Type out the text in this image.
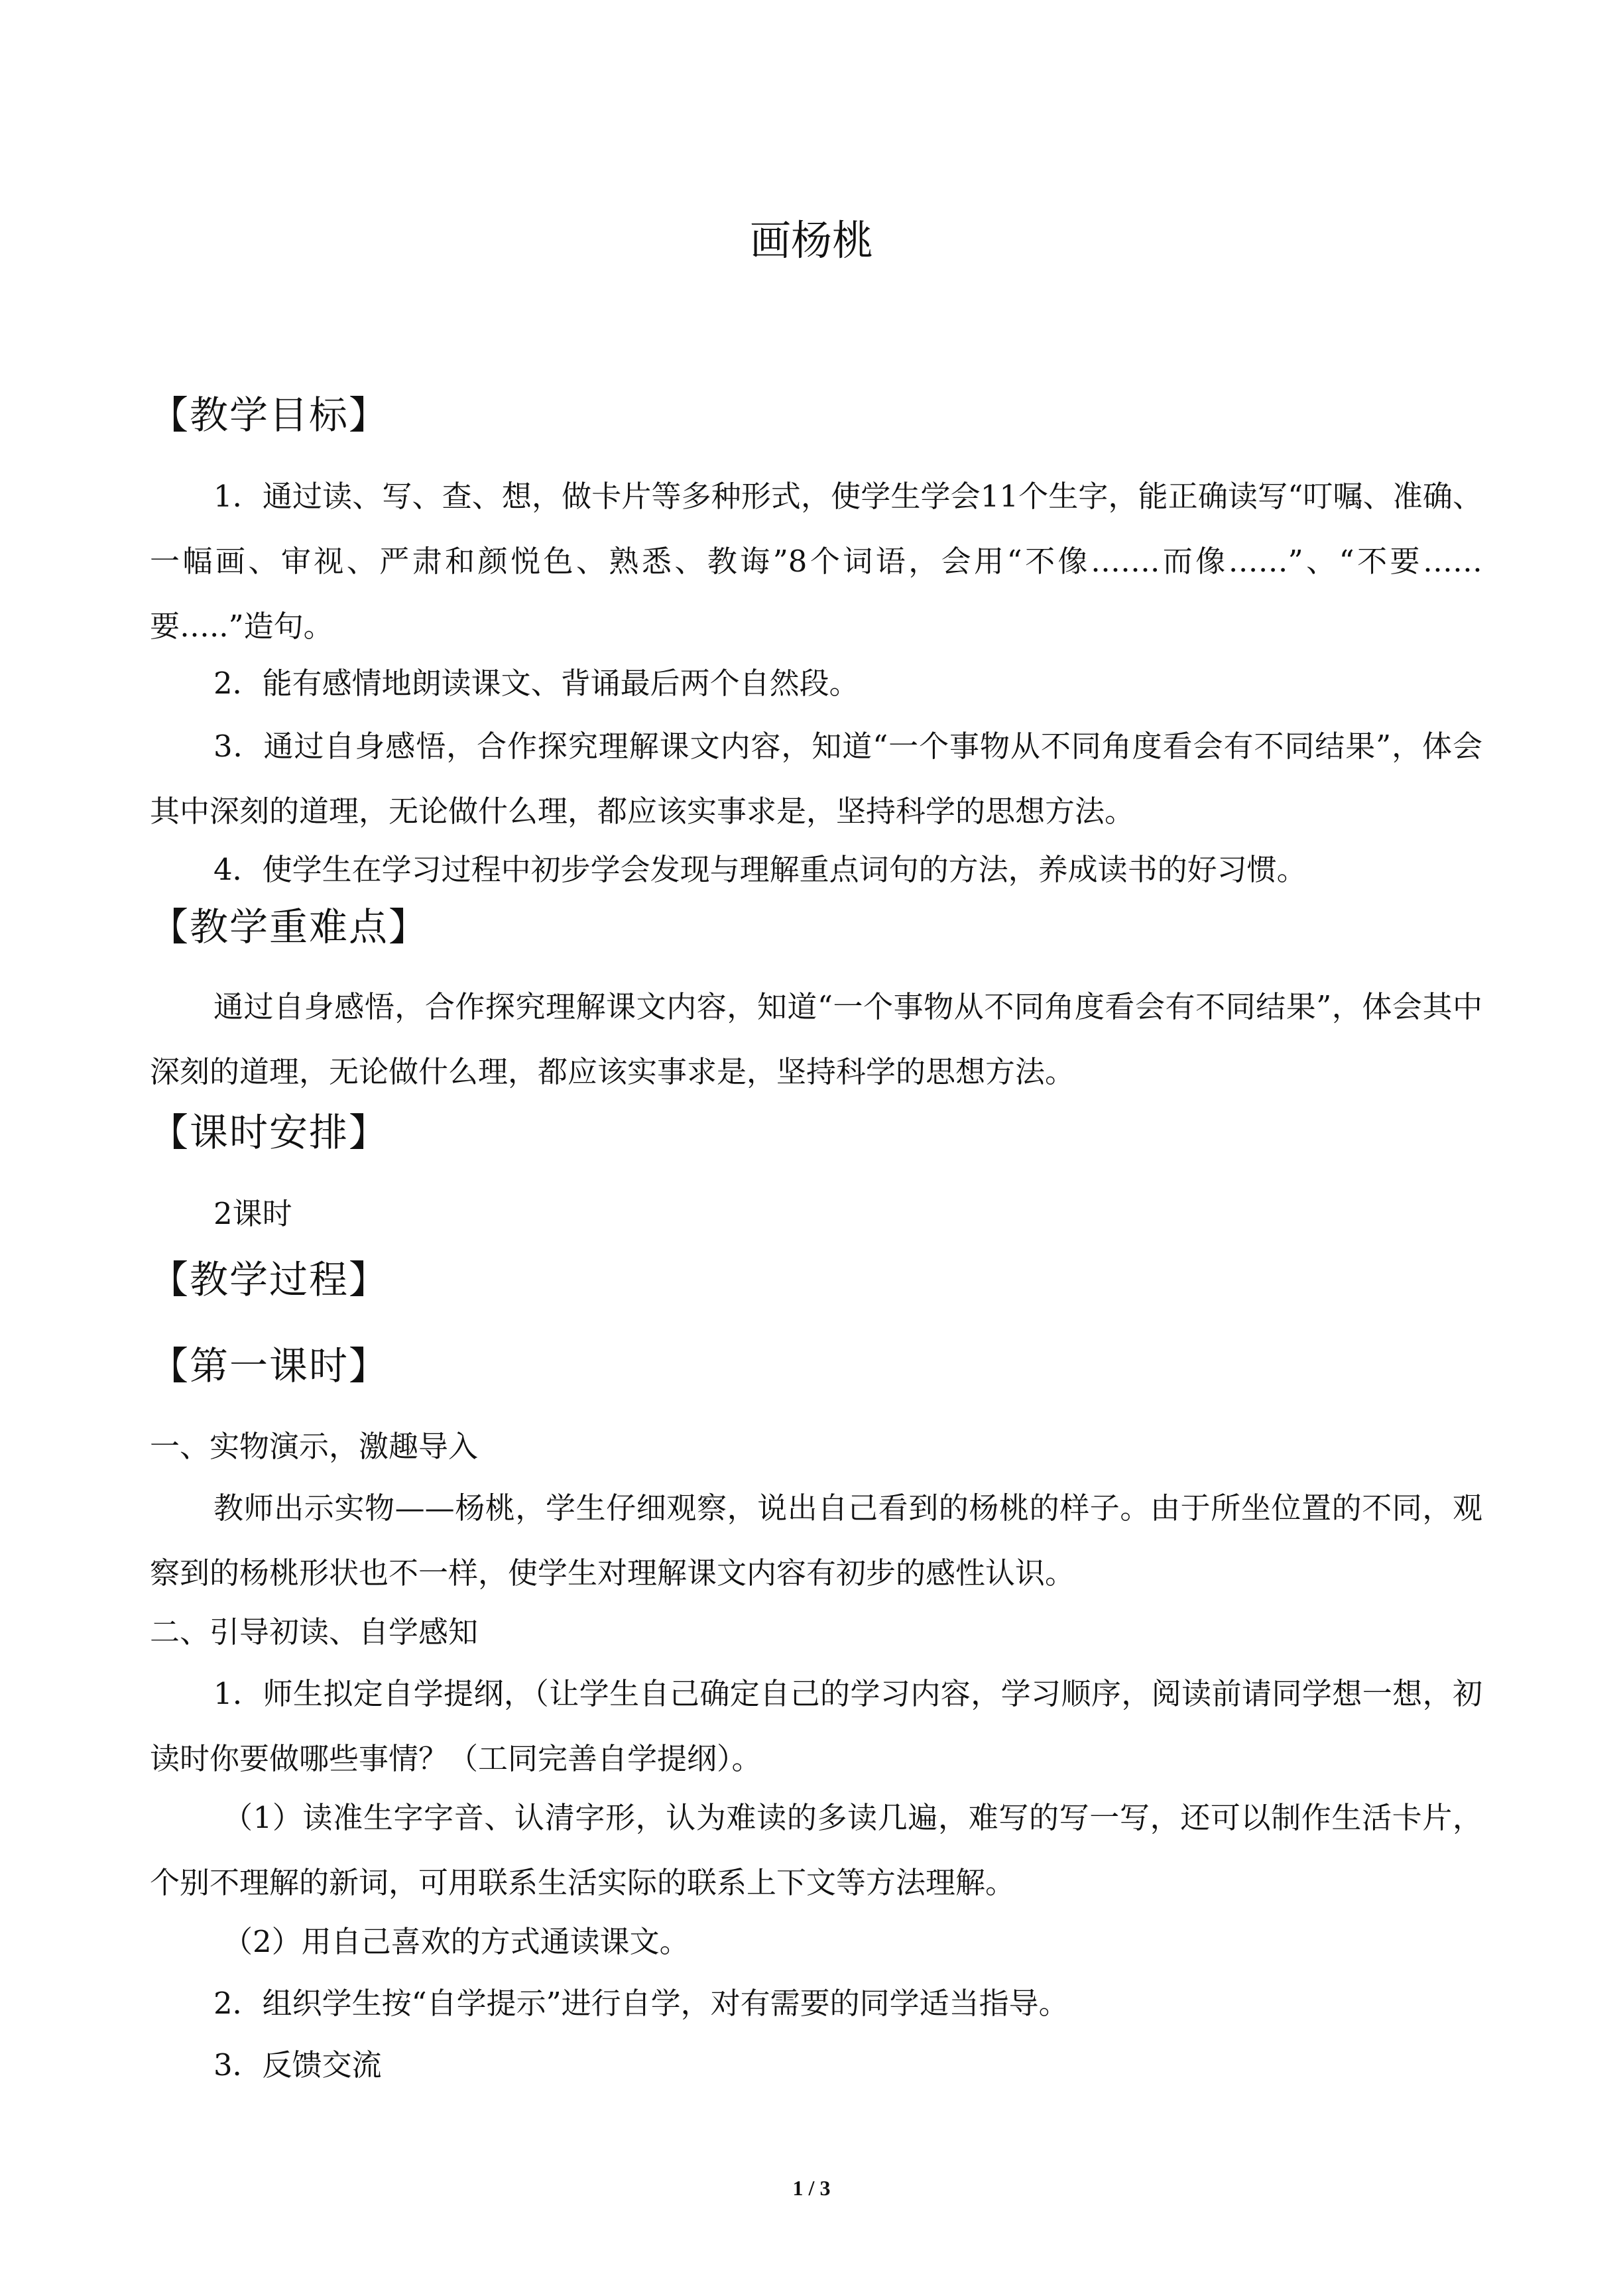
画杨桃
【教学目标】

1．通过读、写、查、想，做卡片等多种形式，使学生学会11个生字，能正确读写“叮嘱、准确、一幅画、审视、严肃和颜悦色、熟悉、教诲”8个词语，会用“不像…….而像……”、“不要……要…..”造句。

2．能有感情地朗读课文、背诵最后两个自然段。

3．通过自身感悟，合作探究理解课文内容，知道“一个事物从不同角度看会有不同结果”，体会其中深刻的道理，无论做什么理，都应该实事求是，坚持科学的思想方法。

4．使学生在学习过程中初步学会发现与理解重点词句的方法，养成读书的好习惯。

【教学重难点】

通过自身感悟，合作探究理解课文内容，知道“一个事物从不同角度看会有不同结果”，体会其中深刻的道理，无论做什么理，都应该实事求是，坚持科学的思想方法。

【课时安排】

2课时

【教学过程】
【第一课时】
一、实物演示，激趣导入

教师出示实物——杨桃，学生仔细观察，说出自己看到的杨桃的样子。由于所坐位置的不同，观察到的杨桃形状也不一样，使学生对理解课文内容有初步的感性认识。

二、引导初读、自学感知

1．师生拟定自学提纲，（让学生自己确定自己的学习内容，学习顺序，阅读前请同学想一想，初读时你要做哪些事情？（工同完善自学提纲）。

（1）读准生字字音、认清字形，认为难读的多读几遍，难写的写一写，还可以制作生活卡片，个别不理解的新词，可用联系生活实际的联系上下文等方法理解。

（2）用自己喜欢的方式通读课文。

2．组织学生按“自学提示”进行自学，对有需要的同学适当指导。

3．反馈交流

1 / 3
